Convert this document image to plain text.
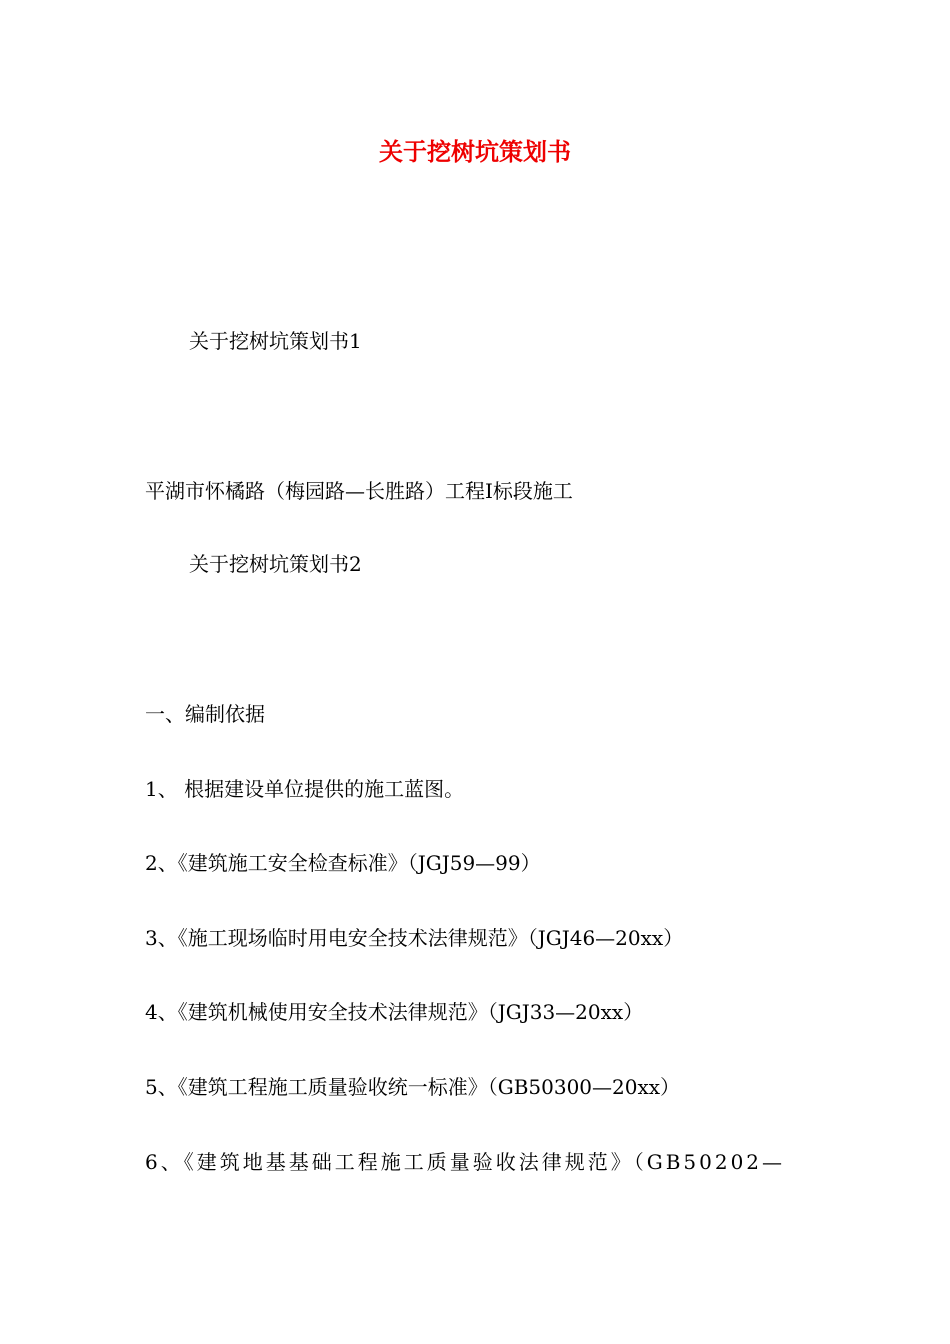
关于挖树坑策划书
关于挖树坑策划书1
平湖市怀橘路（梅园路—长胜路）工程Ⅰ标段施工
关于挖树坑策划书2
一、编制依据
1、 根据建设单位提供的施工蓝图。
2、《建筑施工安全检查标准》（JGJ59—99）
3、《施工现场临时用电安全技术法律规范》（JGJ46—20xx）
4、《建筑机械使用安全技术法律规范》（JGJ33—20xx）
5、《建筑工程施工质量验收统一标准》（GB50300—20xx）
6、《建筑地基基础工程施工质量验收法律规范》（GB50202—
